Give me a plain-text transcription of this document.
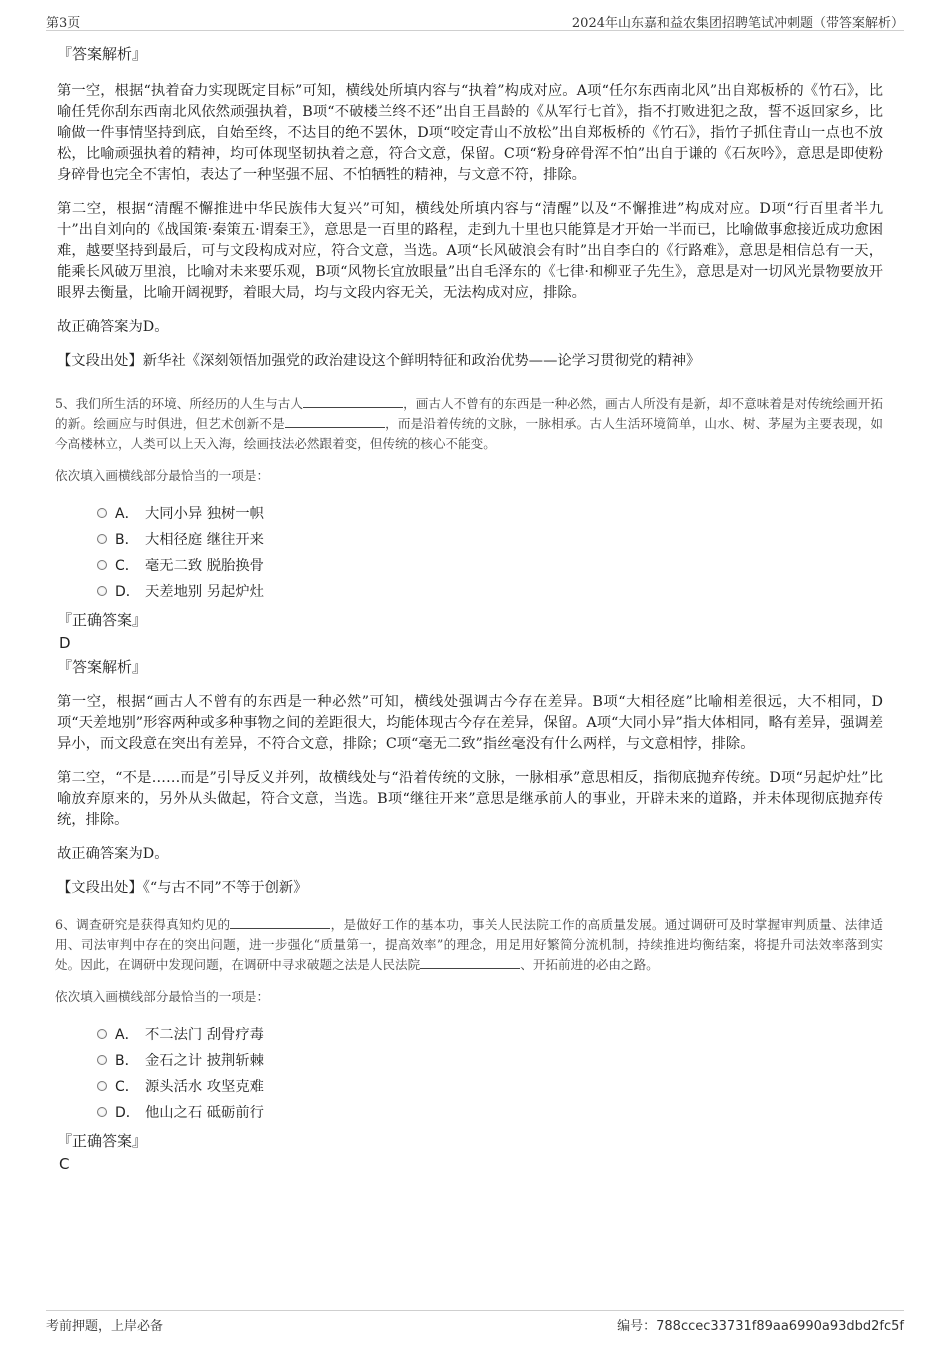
第3页	2024年山东嘉和益农集团招聘笔试冲刺题（带答案解析）
『答案解析』

第一空，根据“执着奋力实现既定目标”可知，横线处所填内容与“执着”构成对应。A项“任尔东西南北风”出自郑板桥的《竹石》，比喻任凭你刮东西南北风依然顽强执着，B项“不破楼兰终不还”出自王昌龄的《从军行七首》，指不打败进犯之敌，誓不返回家乡，比喻做一件事情坚持到底，自始至终，不达目的绝不罢休，D项“咬定青山不放松”出自郑板桥的《竹石》，指竹子抓住青山一点也不放松，比喻顽强执着的精神，均可体现坚韧执着之意，符合文意，保留。C项“粉身碎骨浑不怕”出自于谦的《石灰吟》，意思是即使粉身碎骨也完全不害怕，表达了一种坚强不屈、不怕牺牲的精神，与文意不符，排除。

第二空，根据“清醒不懈推进中华民族伟大复兴”可知，横线处所填内容与“清醒”以及“不懈推进”构成对应。D项“行百里者半九十”出自刘向的《战国策·秦策五·谓秦王》，意思是一百里的路程，走到九十里也只能算是才开始一半而已，比喻做事愈接近成功愈困难，越要坚持到最后，可与文段构成对应，符合文意，当选。A项“长风破浪会有时”出自李白的《行路难》，意思是相信总有一天，能乘长风破万里浪，比喻对未来要乐观，B项“风物长宜放眼量”出自毛泽东的《七律·和柳亚子先生》，意思是对一切风光景物要放开眼界去衡量，比喻开阔视野，着眼大局，均与文段内容无关，无法构成对应，排除。

故正确答案为D。

【文段出处】新华社《深刻领悟加强党的政治建设这个鲜明特征和政治优势——论学习贯彻党的精神》

5、我们所生活的环境、所经历的人生与古人	，画古人不曾有的东西是一种必然，画古人所没有是新，却不意味着是对传统绘画开拓的新。绘画应与时俱进，但艺术创新不是	，而是沿着传统的文脉，一脉相承。古人生活环境简单，山水、树、茅屋为主要表现，如今高楼林立，人类可以上天入海，绘画技法必然跟着变，但传统的核心不能变。

依次填入画横线部分最恰当的一项是：

A． 大同小异 独树一帜
B． 大相径庭 继往开来
C． 毫无二致 脱胎换骨
D． 天差地别 另起炉灶
『正确答案』
D
『答案解析』

第一空，根据“画古人不曾有的东西是一种必然”可知，横线处强调古今存在差异。B项“大相径庭”比喻相差很远，大不相同，D项“天差地别”形容两种或多种事物之间的差距很大，均能体现古今存在差异，保留。A项“大同小异”指大体相同，略有差异，强调差异小，而文段意在突出有差异，不符合文意，排除；C项“毫无二致”指丝毫没有什么两样，与文意相悖，排除。

第二空，“不是……而是”引导反义并列，故横线处与“沿着传统的文脉，一脉相承”意思相反，指彻底抛弃传统。D项“另起炉灶”比喻放弃原来的，另外从头做起，符合文意，当选。B项“继往开来”意思是继承前人的事业，开辟未来的道路，并未体现彻底抛弃传统，排除。

故正确答案为D。

【文段出处】《“与古不同”不等于创新》

6、调查研究是获得真知灼见的	，是做好工作的基本功，事关人民法院工作的高质量发展。通过调研可及时掌握审判质量、法律适用、司法审判中存在的突出问题，进一步强化“质量第一，提高效率”的理念，用足用好繁简分流机制，持续推进均衡结案，将提升司法效率落到实处。因此，在调研中发现问题，在调研中寻求破题之法是人民法院	、开拓前进的必由之路。

依次填入画横线部分最恰当的一项是：

A． 不二法门 刮骨疗毒
B． 金石之计 披荆斩棘
C． 源头活水 攻坚克难
D． 他山之石 砥砺前行
『正确答案』
C
考前押题，上岸必备	编号：788ccec33731f89aa6990a93dbd2fc5f
